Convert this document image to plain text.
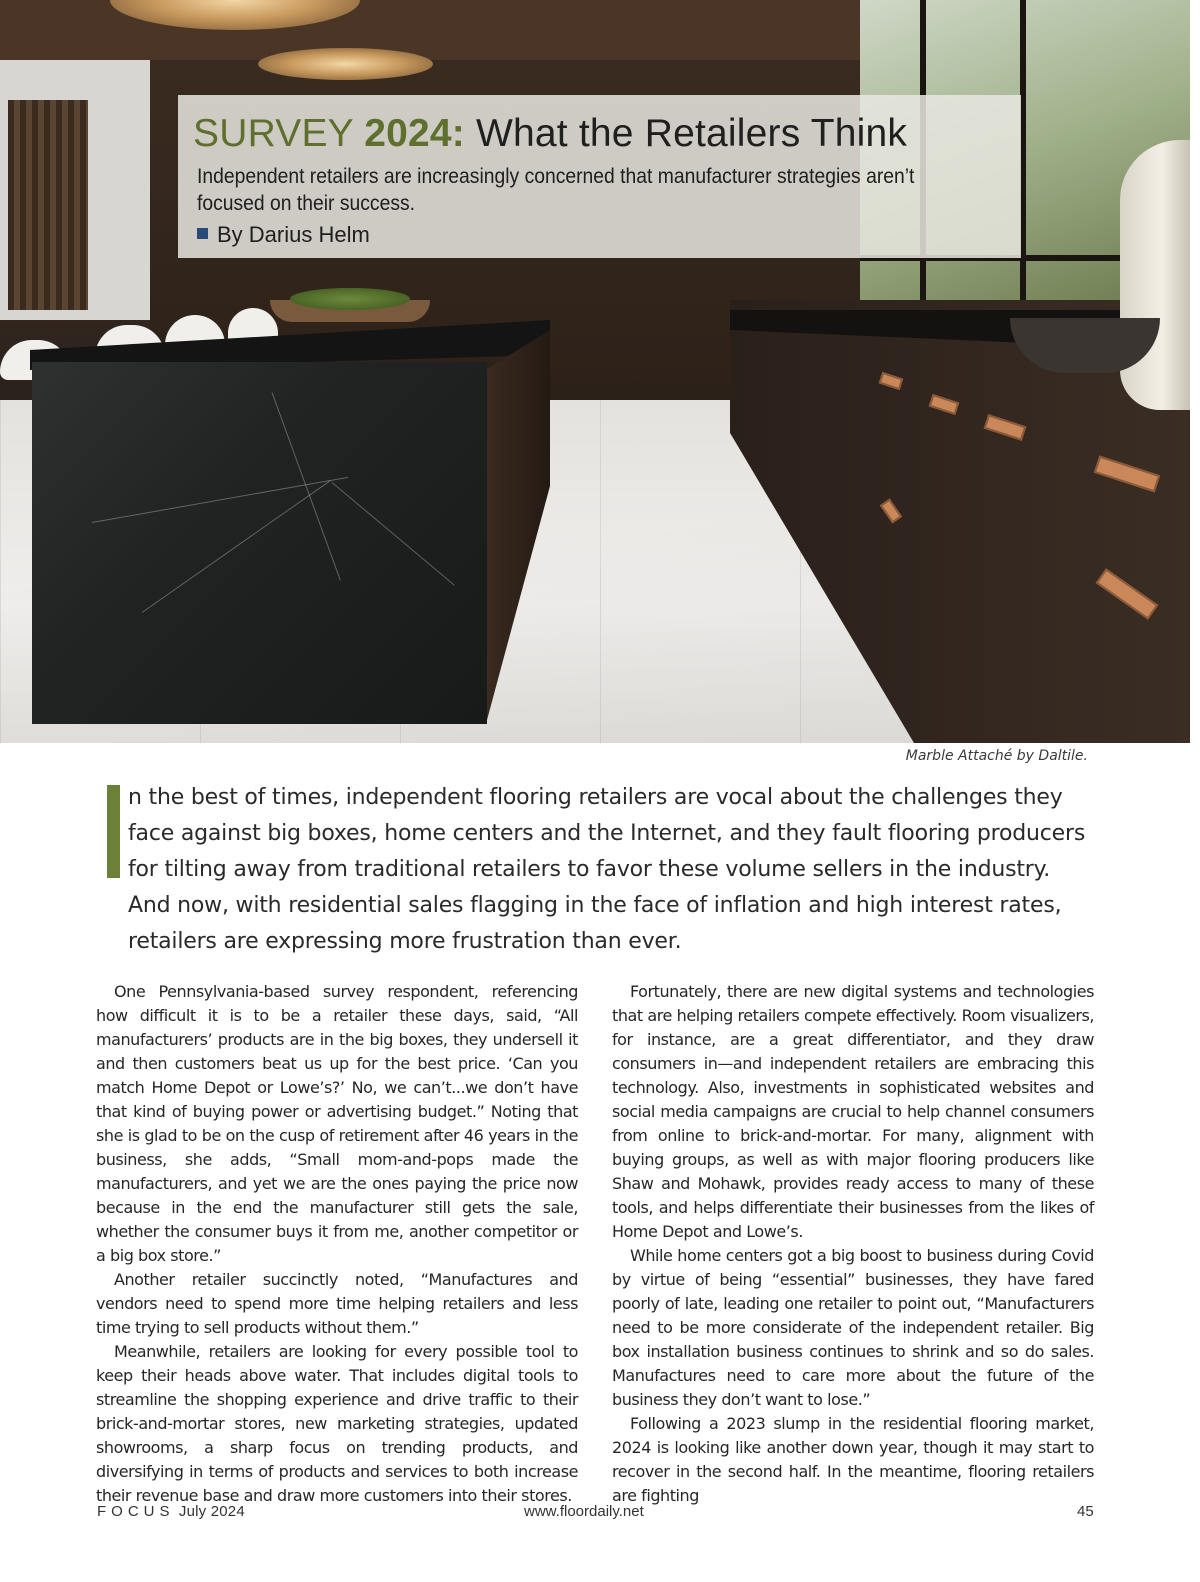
SURVEY 2024: What the Retailers Think

Independent retailers are increasingly concerned that manufacturer strategies aren’t focused on their success.

By Darius Helm

Marble Attaché by Daltile.

n the best of times, independent flooring retailers are vocal about the challenges they face against big boxes, home centers and the Internet, and they fault flooring producers for tilting away from traditional retailers to favor these volume sellers in the industry. And now, with residential sales flagging in the face of inflation and high interest rates, retailers are expressing more frustration than ever.

One Pennsylvania-based survey respondent, referencing how difficult it is to be a retailer these days, said, “All manufacturers’ products are in the big boxes, they undersell it and then customers beat us up for the best price. ‘Can you match Home Depot or Lowe’s?’ No, we can’t...we don’t have that kind of buying power or advertising budget.” Noting that she is glad to be on the cusp of retirement after 46 years in the business, she adds, “Small mom-and-pops made the manufacturers, and yet we are the ones paying the price now because in the end the manufacturer still gets the sale, whether the consumer buys it from me, another competitor or a big box store.”

Another retailer succinctly noted, “Manufactures and vendors need to spend more time helping retailers and less time trying to sell products without them.”

Meanwhile, retailers are looking for every possible tool to keep their heads above water. That includes digital tools to streamline the shopping experience and drive traffic to their brick-and-mortar stores, new marketing strategies, updated showrooms, a sharp focus on trending products, and diversifying in terms of products and services to both increase their revenue base and draw more customers into their stores.

Fortunately, there are new digital systems and technologies that are helping retailers compete effectively. Room visualizers, for instance, are a great differentiator, and they draw consumers in—and independent retailers are embracing this technology. Also, investments in sophisticated websites and social media campaigns are crucial to help channel consumers from online to brick-and-mortar. For many, alignment with buying groups, as well as with major flooring producers like Shaw and Mohawk, provides ready access to many of these tools, and helps differentiate their businesses from the likes of Home Depot and Lowe’s.

While home centers got a big boost to business during Covid by virtue of being “essential” businesses, they have fared poorly of late, leading one retailer to point out, “Manufacturers need to be more considerate of the independent retailer. Big box installation business continues to shrink and so do sales. Manufactures need to care more about the future of the business they don’t want to lose.”

Following a 2023 slump in the residential flooring market, 2024 is looking like another down year, though it may start to recover in the second half. In the meantime, flooring retailers are fighting

FOCUS July 2024	www.floordaily.net	45
